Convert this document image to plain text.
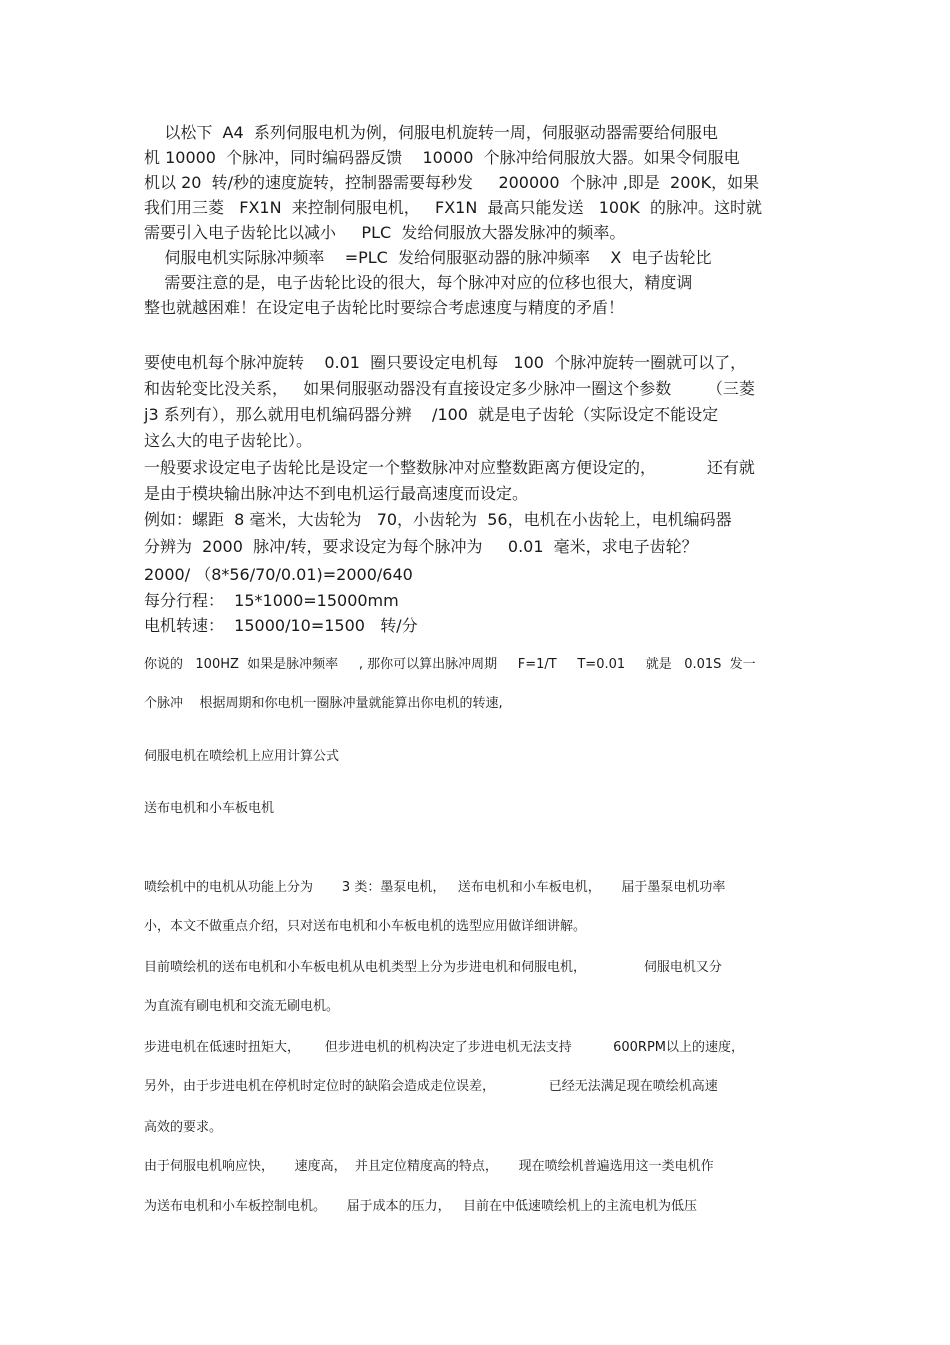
以松下  A4  系列伺服电机为例，伺服电机旋转一周，伺服驱动器需要给伺服电
机 10000  个脉冲，同时编码器反馈    10000  个脉冲给伺服放大器。如果令伺服电
机以 20  转/秒的速度旋转，控制器需要每秒发     200000  个脉冲 ,即是  200K，如果
我们用三菱   FX1N  来控制伺服电机，   FX1N  最高只能发送   100K  的脉冲。这时就
需要引入电子齿轮比以减小     PLC  发给伺服放大器发脉冲的频率。
伺服电机实际脉冲频率    =PLC  发给伺服驱动器的脉冲频率    X  电子齿轮比
需要注意的是，电子齿轮比设的很大，每个脉冲对应的位移也很大，精度调
整也就越困难！在设定电子齿轮比时要综合考虑速度与精度的矛盾！
要使电机每个脉冲旋转    0.01  圈只要设定电机每   100  个脉冲旋转一圈就可以了，
和齿轮变比没关系，   如果伺服驱动器没有直接设定多少脉冲一圈这个参数       （三菱
j3 系列有），那么就用电机编码器分辨    /100  就是电子齿轮（实际设定不能设定
这么大的电子齿轮比）。
一般要求设定电子齿轮比是设定一个整数脉冲对应整数距离方便设定的，          还有就
是由于模块输出脉冲达不到电机运行最高速度而设定。
例如：螺距  8 毫米，大齿轮为   70，小齿轮为  56，电机在小齿轮上，电机编码器
分辨为  2000  脉冲/转，要求设定为每个脉冲为     0.01  毫米，求电子齿轮？
2000/ （8*56/70/0.01)=2000/640
每分行程：  15*1000=15000mm
电机转速：  15000/10=1500   转/分
你说的   100HZ  如果是脉冲频率     , 那你可以算出脉冲周期     F=1/T     T=0.01     就是   0.01S  发一
个脉冲    根据周期和你电机一圈脉冲量就能算出你电机的转速,
伺服电机在喷绘机上应用计算公式
送布电机和小车板电机
喷绘机中的电机从功能上分为       3 类：墨泵电机，   送布电机和小车板电机，     届于墨泵电机功率
小，本文不做重点介绍，只对送布电机和小车板电机的选型应用做详细讲解。
目前喷绘机的送布电机和小车板电机从电机类型上分为步进电机和伺服电机，              伺服电机又分
为直流有刷电机和交流无刷电机。
步进电机在低速时扭矩大，      但步进电机的机构决定了步进电机无法支持          600RPM以上的速度，
另外，由于步进电机在停机时定位时的缺陷会造成走位误差，             已经无法满足现在喷绘机高速
高效的要求。
由于伺服电机响应快，     速度高，  并且定位精度高的特点，     现在喷绘机普遍选用这一类电机作
为送布电机和小车板控制电机。     届于成本的压力，   目前在中低速喷绘机上的主流电机为低压
